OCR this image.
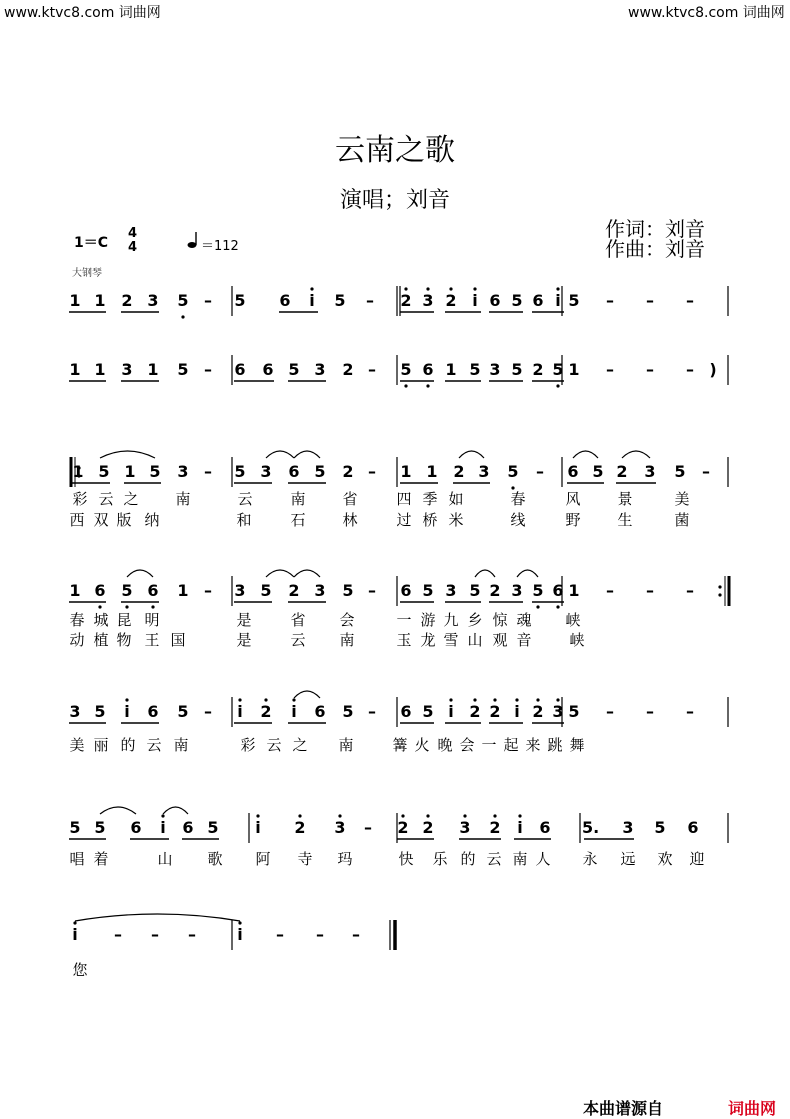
www.ktvc8.com 词曲网	www.ktvc8.com 词曲网
云南之歌
演唱；刘音
作词：刘音
作曲：刘音
1＝C
4
4	＝112
大钢琴
1 1 2 3 5 – 5 6	i	5 – 2 3 2 i 6 5 6 i 5 – – –
1 1 3 1 5 – 6 6 5 3 2 – 5 6 1 5 3 5 2 5 1 – – – )
1 5 1 5 3 – 5 3 6 5 2 – 1 1 2 3 5 – 6 5 2 3 5 –
彩 云 之 南	云	南 省	四 季 如	春	风 景	美
西 双 版 纳	和	石 林	过 桥 米	线	野 生	菌
1 6 5 6 1 – 3 5 2 3 5 – 6 5 3 5 2 3 5 6 1 – – –
春 城 昆 明	是	省 会	一 游 九 乡 惊 魂 峡
动 植 物 王 国	是	云 南	玉 龙 雪 山 观 音	峡
3 5	i	6 5 –	i	2	i	6 5 – 6 5 i 2 2 i 2 3 5 – – –
美 丽 的 云 南	彩 云 之 南	篝 火 晚 会 一 起 来 跳 舞
5 5 6	i	6 5	i	2 3 – 2 2 3 2	i	6 5. 3 5 6
唱 着	山 歌 阿 寺 玛	快 乐 的 云 南 人 永 远 欢 迎
i	– – –	i	– – –
您
本曲谱源自	词曲网
